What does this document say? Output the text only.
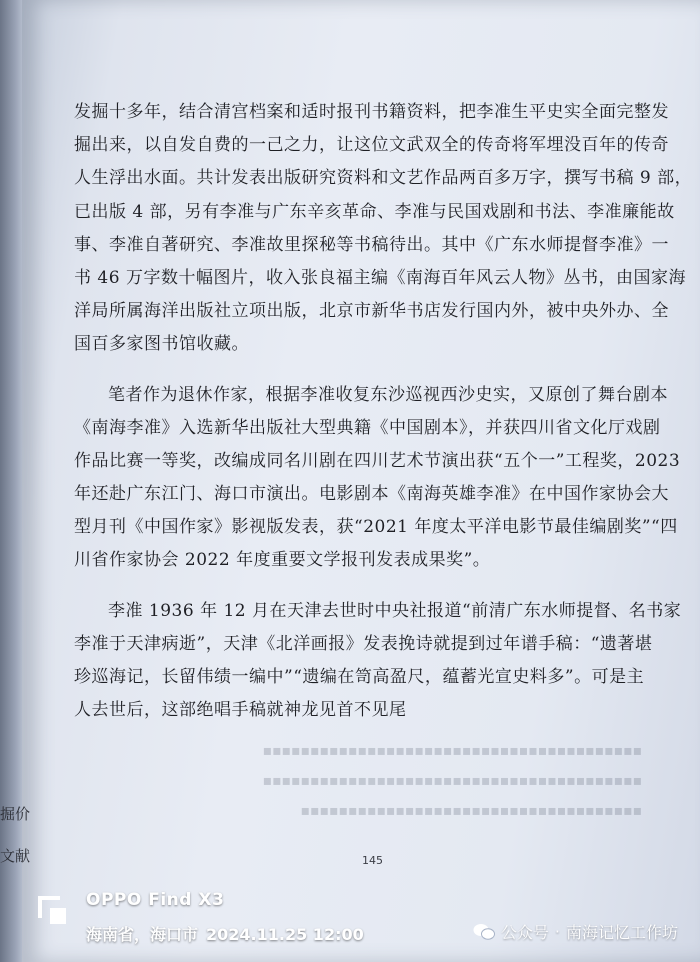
发掘十多年，结合清宫档案和适时报刊书籍资料，把李准生平史实全面完整发
掘出来，以自发自费的一己之力，让这位文武双全的传奇将军埋没百年的传奇
人生浮出水面。共计发表出版研究资料和文艺作品两百多万字，撰写书稿 9 部，
已出版 4 部，另有李准与广东辛亥革命、李准与民国戏剧和书法、李准廉能故
事、李准自著研究、李准故里探秘等书稿待出。其中《广东水师提督李准》一
书 46 万字数十幅图片，收入张良福主编《南海百年风云人物》丛书，由国家海
洋局所属海洋出版社立项出版，北京市新华书店发行国内外，被中央外办、全
国百多家图书馆收藏。
笔者作为退休作家，根据李准收复东沙巡视西沙史实，又原创了舞台剧本
《南海李准》入选新华出版社大型典籍《中国剧本》，并获四川省文化厅戏剧
作品比赛一等奖，改编成同名川剧在四川艺术节演出获“五个一”工程奖，2023
年还赴广东江门、海口市演出。电影剧本《南海英雄李准》在中国作家协会大
型月刊《中国作家》影视版发表，获“2021 年度太平洋电影节最佳编剧奖”“四
川省作家协会 2022 年度重要文学报刊发表成果奖”。
李准 1936 年 12 月在天津去世时中央社报道“前清广东水师提督、名书家
李准于天津病逝”，天津《北洋画报》发表挽诗就提到过年谱手稿：“遗著堪
珍巡海记，长留伟绩一编中”“遗编在笥高盈尺，蕴蓄光宣史料多”。可是主
人去世后，这部绝唱手稿就神龙见首不见尾
▪▪▪▪▪▪▪▪▪▪▪▪▪▪▪▪▪▪▪▪▪▪▪▪▪▪▪▪▪▪▪▪▪▪▪▪▪▪▪▪
▪▪▪▪▪▪▪▪▪▪▪▪▪▪▪▪▪▪▪▪▪▪▪▪▪▪▪▪▪▪▪▪▪▪▪▪▪▪▪▪
▪▪▪▪▪▪▪▪▪▪▪▪▪▪▪▪▪▪▪▪▪▪▪▪▪▪▪▪▪▪▪▪▪▪▪▪
145
掘价
文献
OPPO Find X3
海南省，海口市 2024.11.25 12:00	公众号 · 南海记忆工作坊
